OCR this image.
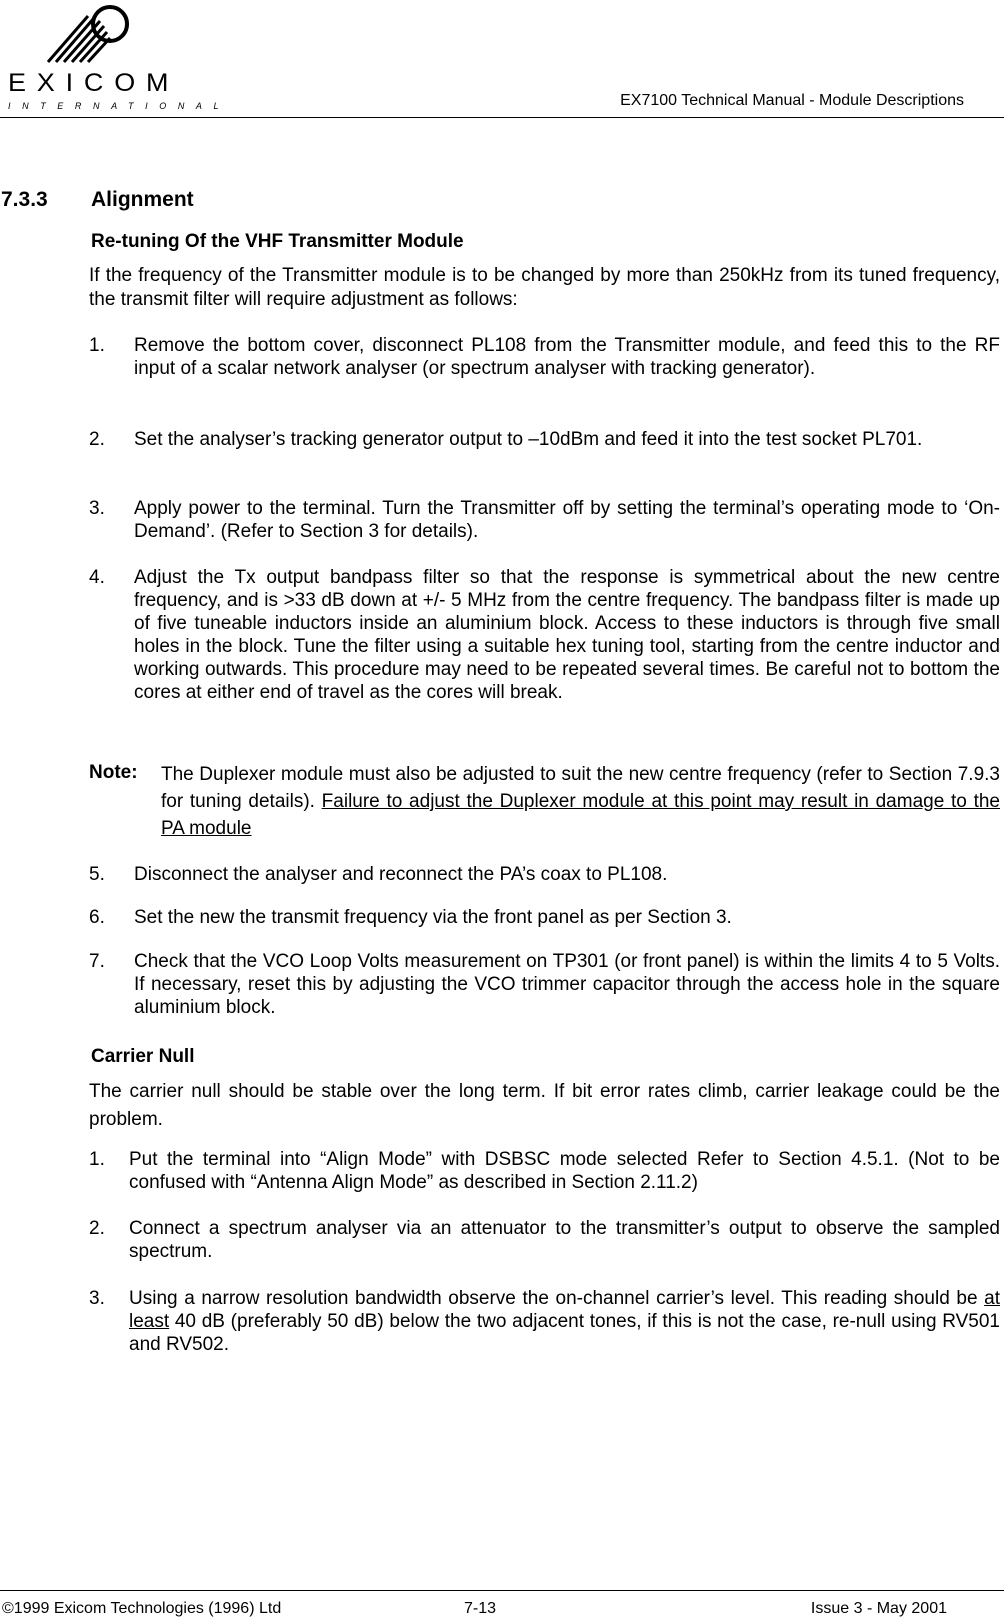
EXICOM
INTERNATIONAL	EX7100 Technical Manual - Module Descriptions
7.3.3 Alignment
Re-tuning Of the VHF Transmitter Module
If the frequency of the Transmitter module is to be changed by more than 250kHz from its tuned frequency, the transmit filter will require adjustment as follows:
1. Remove the bottom cover, disconnect PL108 from the Transmitter module, and feed this to the RF input of a scalar network analyser (or spectrum analyser with tracking generator).
2. Set the analyser’s tracking generator output to –10dBm and feed it into the test socket PL701.
3. Apply power to the terminal. Turn the Transmitter off by setting the terminal’s operating mode to ‘On-Demand’. (Refer to Section 3 for details).
4. Adjust the Tx output bandpass filter so that the response is symmetrical about the new centre frequency, and is >33 dB down at +/- 5 MHz from the centre frequency. The bandpass filter is made up of five tuneable inductors inside an aluminium block. Access to these inductors is through five small holes in the block. Tune the filter using a suitable hex tuning tool, starting from the centre inductor and working outwards. This procedure may need to be repeated several times. Be careful not to bottom the cores at either end of travel as the cores will break.
Note: The Duplexer module must also be adjusted to suit the new centre frequency (refer to Section 7.9.3 for tuning details). Failure to adjust the Duplexer module at this point may result in damage to the PA module
5. Disconnect the analyser and reconnect the PA’s coax to PL108.
6. Set the new the transmit frequency via the front panel as per Section 3.
7. Check that the VCO Loop Volts measurement on TP301 (or front panel) is within the limits 4 to 5 Volts. If necessary, reset this by adjusting the VCO trimmer capacitor through the access hole in the square aluminium block.
Carrier Null
The carrier null should be stable over the long term. If bit error rates climb, carrier leakage could be the problem.
1. Put the terminal into “Align Mode” with DSBSC mode selected Refer to Section 4.5.1. (Not to be confused with “Antenna Align Mode” as described in Section 2.11.2)
2. Connect a spectrum analyser via an attenuator to the transmitter’s output to observe the sampled spectrum.
3. Using a narrow resolution bandwidth observe the on-channel carrier’s level. This reading should be at least 40 dB (preferably 50 dB) below the two adjacent tones, if this is not the case, re-null using RV501 and RV502.
©1999 Exicom Technologies (1996) Ltd	7-13	Issue 3 - May 2001
